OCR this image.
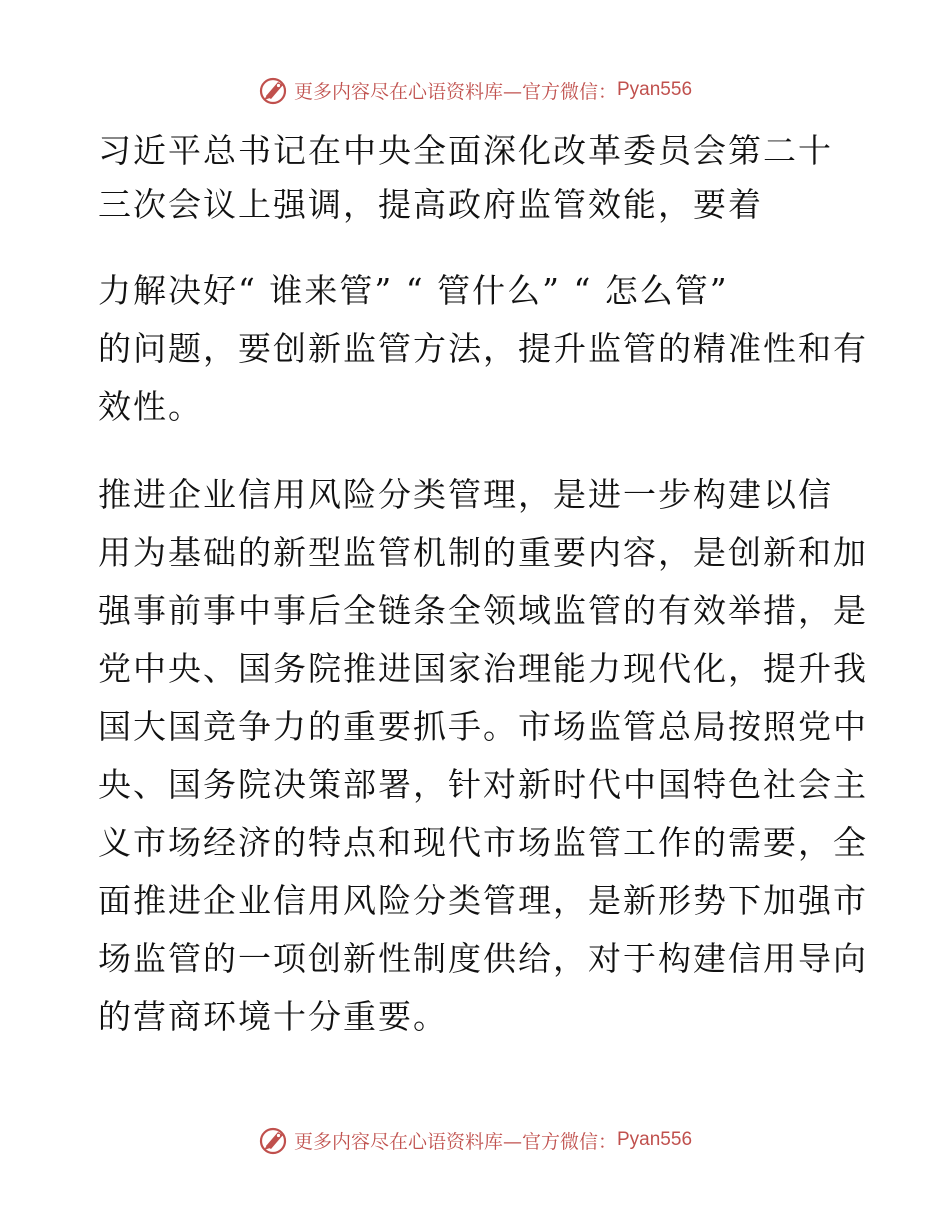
更多内容尽在心语资料库—官方微信： Pyan556
习近平总书记在中央全面深化改革委员会第二十
三次会议上强调，提高政府监管效能，要着
力解决好“ 谁来管” “ 管什么” “ 怎么管”
的问题，要创新监管方法，提升监管的精准性和有
效性。
推进企业信用风险分类管理，是进一步构建以信
用为基础的新型监管机制的重要内容，是创新和加
强事前事中事后全链条全领域监管的有效举措，是
党中央、国务院推进国家治理能力现代化，提升我
国大国竞争力的重要抓手。市场监管总局按照党中
央、国务院决策部署，针对新时代中国特色社会主
义市场经济的特点和现代市场监管工作的需要，全
面推进企业信用风险分类管理，是新形势下加强市
场监管的一项创新性制度供给，对于构建信用导向
的营商环境十分重要。
更多内容尽在心语资料库—官方微信： Pyan556
